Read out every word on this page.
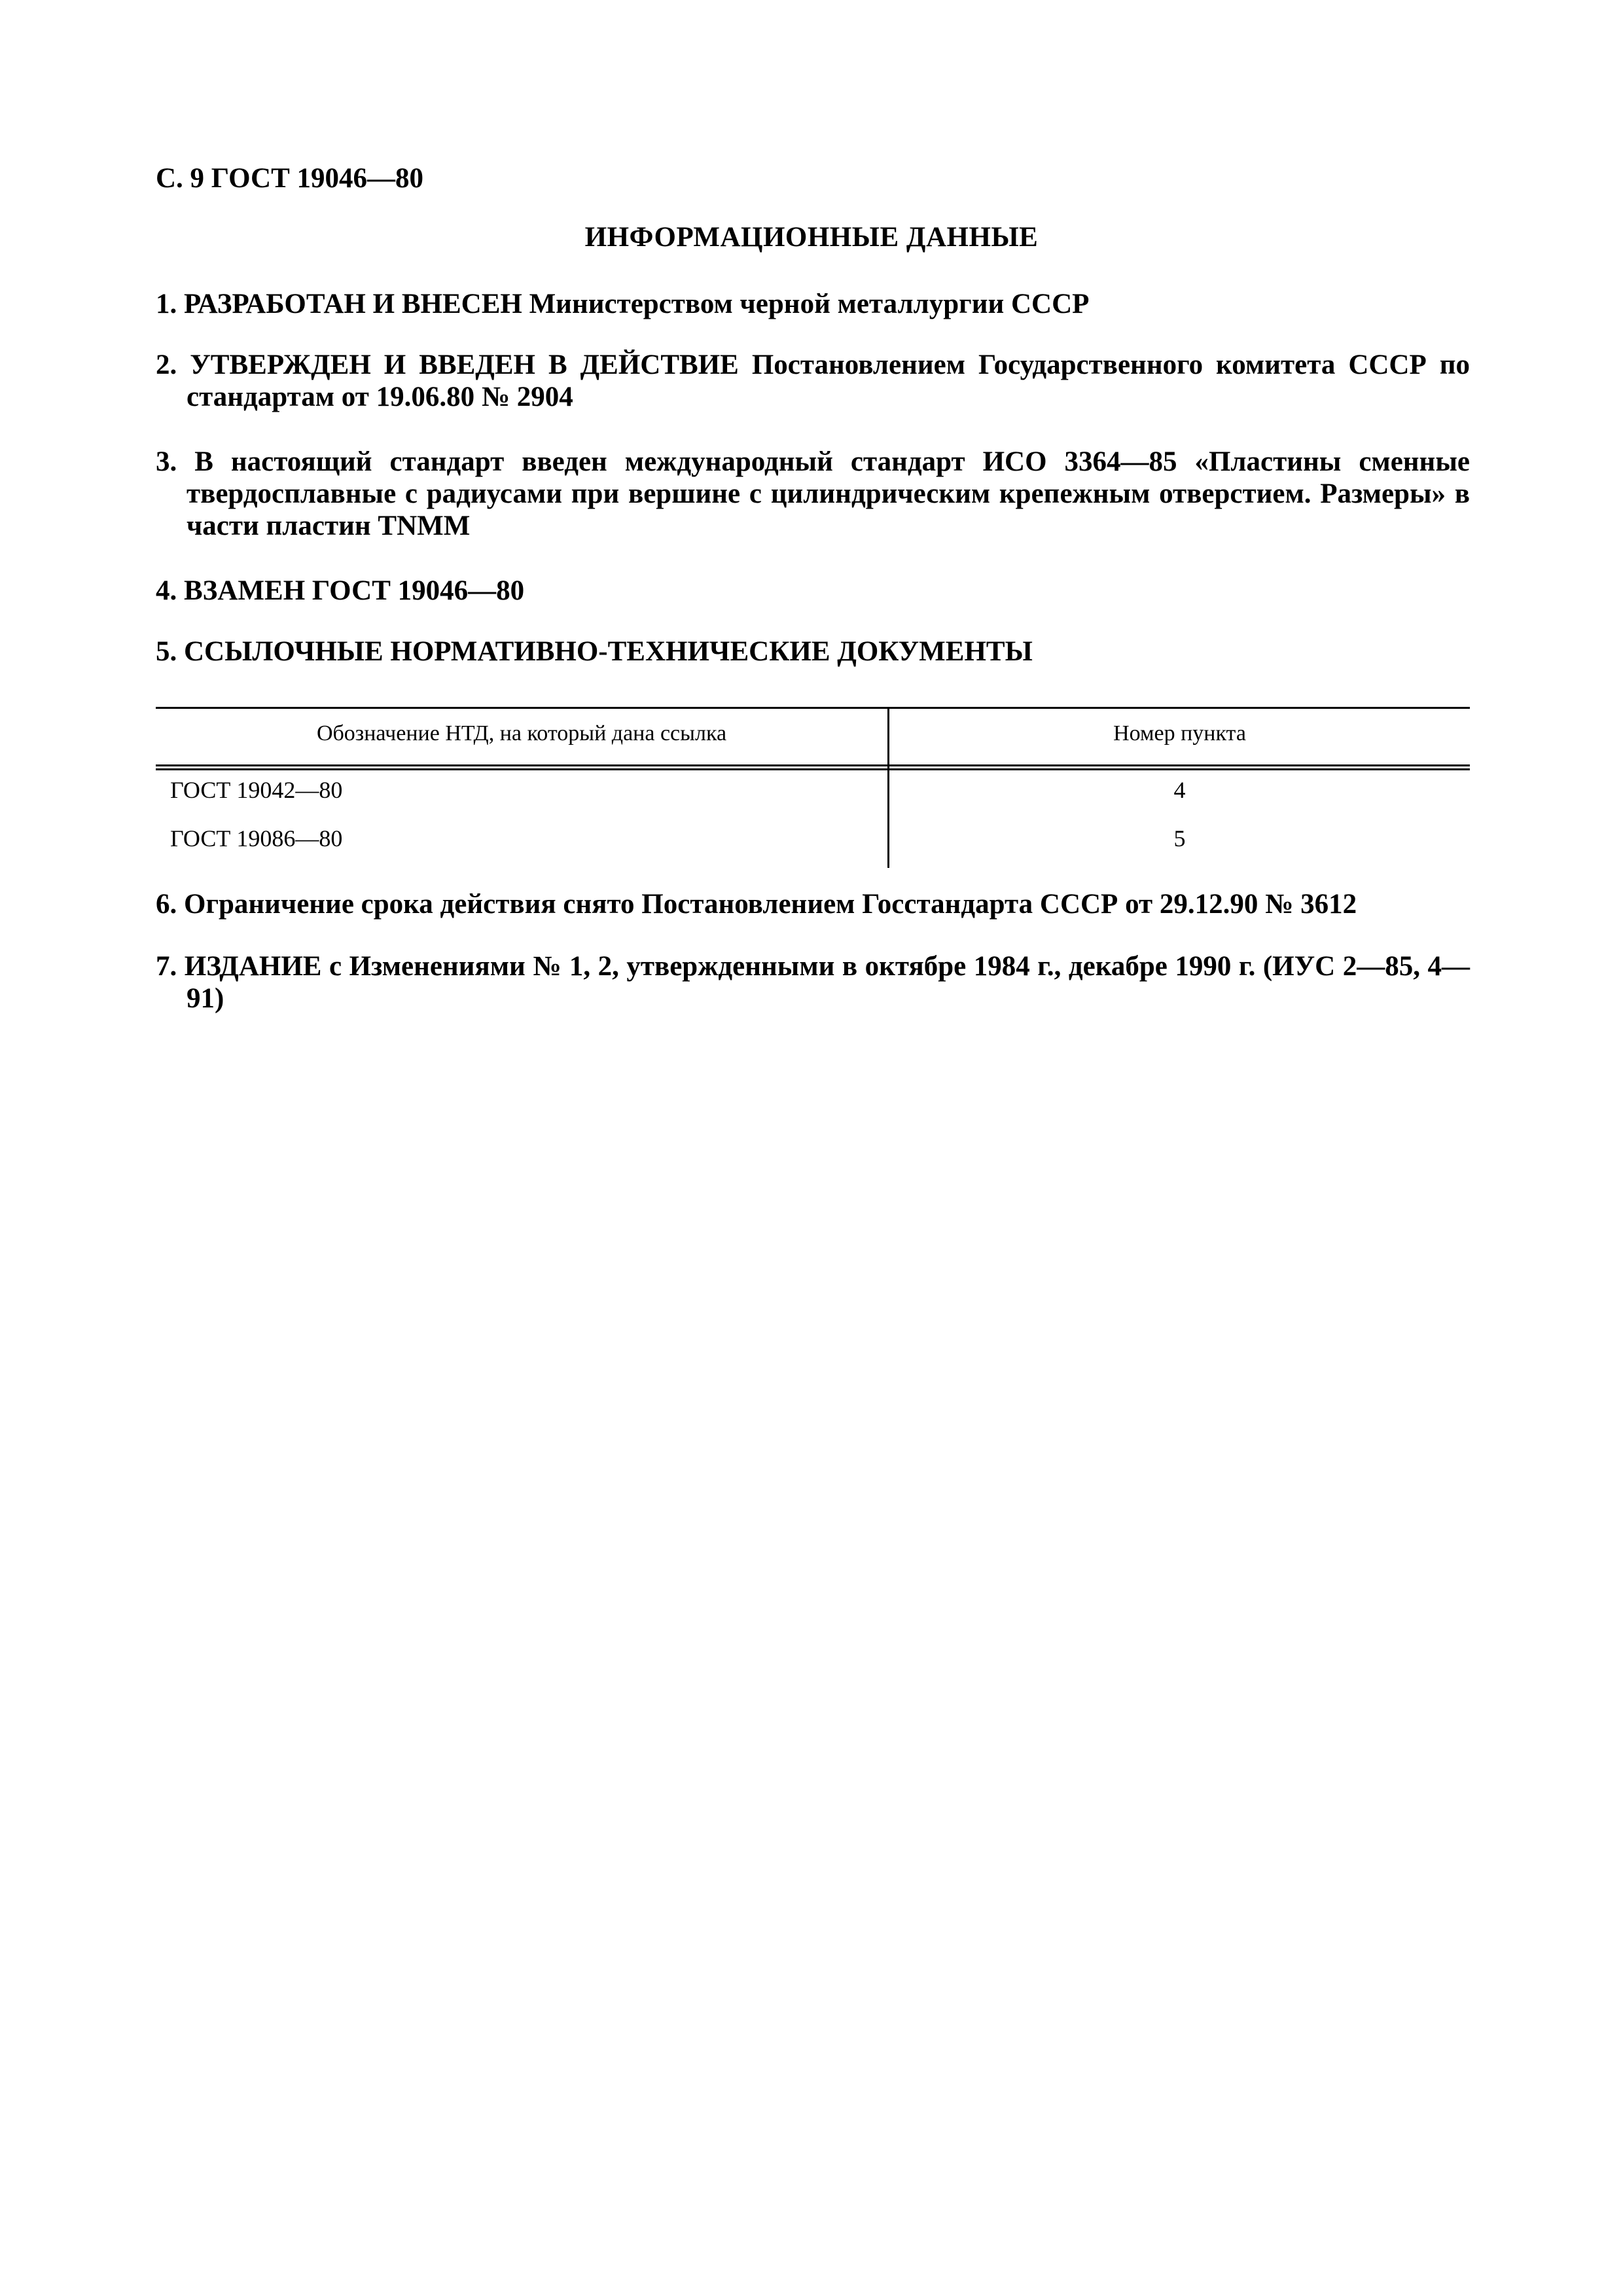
С. 9 ГОСТ 19046—80
ИНФОРМАЦИОННЫЕ ДАННЫЕ
1. РАЗРАБОТАН И ВНЕСЕН Министерством черной металлургии СССР
2. УТВЕРЖДЕН И ВВЕДЕН В ДЕЙСТВИЕ Постановлением Государственного комитета СССР по стандартам от 19.06.80 № 2904
3. В настоящий стандарт введен международный стандарт ИСО 3364—85 «Пластины сменные твердосплавные с радиусами при вершине с цилиндрическим крепежным отверстием. Размеры» в части пластин TNMM
4. ВЗАМЕН ГОСТ 19046—80
5. ССЫЛОЧНЫЕ НОРМАТИВНО-ТЕХНИЧЕСКИЕ ДОКУМЕНТЫ
Обозначение НТД, на который дана ссылка	Номер пункта
ГОСТ 19042—80	4
ГОСТ 19086—80	5
6. Ограничение срока действия снято Постановлением Госстандарта СССР от 29.12.90 № 3612
7. ИЗДАНИЕ с Изменениями № 1, 2, утвержденными в октябре 1984 г., декабре 1990 г. (ИУС 2—85, 4—91)
